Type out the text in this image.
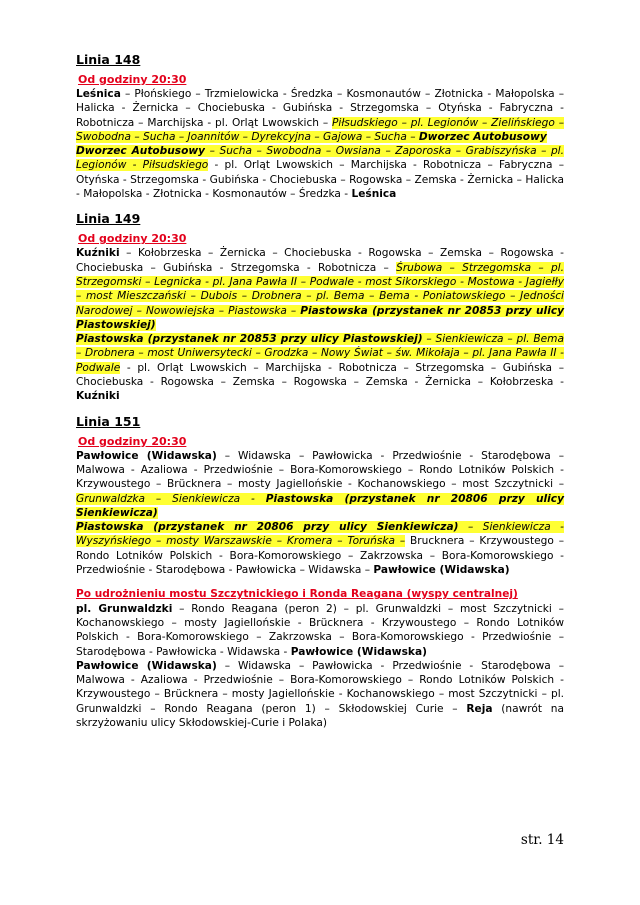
Linia 148
Od godziny 20:30
Leśnica – Płońskiego – Trzmielowicka - Średzka – Kosmonautów – Złotnicka - Małopolska – Halicka - Żernicka – Chociebuska - Gubińska - Strzegomska – Otyńska - Fabryczna - Robotnicza – Marchijska - pl. Orląt Lwowskich – Piłsudskiego – pl. Legionów – Zielińskiego – Swobodna – Sucha – Joannitów – Dyrekcyjna – Gajowa – Sucha – Dworzec Autobusowy
Dworzec Autobusowy – Sucha – Swobodna – Owsiana – Zaporoska – Grabiszyńska – pl. Legionów - Piłsudskiego - pl. Orląt Lwowskich – Marchijska - Robotnicza – Fabryczna – Otyńska - Strzegomska - Gubińska - Chociebuska – Rogowska – Zemska - Żernicka – Halicka - Małopolska - Złotnicka - Kosmonautów – Średzka - Leśnica
Linia 149
Od godziny 20:30
Kuźniki – Kołobrzeska – Żernicka – Chociebuska - Rogowska – Zemska – Rogowska - Chociebuska – Gubińska - Strzegomska - Robotnicza – Śrubowa – Strzegomska – pl. Strzegomski – Legnicka - pl. Jana Pawła II – Podwale - most Sikorskiego - Mostowa - Jagiełły – most Mieszczański – Dubois – Drobnera – pl. Bema – Bema - Poniatowskiego – Jedności Narodowej – Nowowiejska – Piastowska – Piastowska (przystanek nr 20853 przy ulicy Piastowskiej)
Piastowska (przystanek nr 20853 przy ulicy Piastowskiej) – Sienkiewicza – pl. Bema – Drobnera – most Uniwersytecki – Grodzka – Nowy Świat – św. Mikołaja – pl. Jana Pawła II - Podwale - pl. Orląt Lwowskich – Marchijska - Robotnicza – Strzegomska – Gubińska – Chociebuska - Rogowska – Zemska – Rogowska – Zemska - Żernicka – Kołobrzeska - Kuźniki
Linia 151
Od godziny 20:30
Pawłowice (Widawska) – Widawska – Pawłowicka - Przedwiośnie - Starodębowa – Malwowa - Azaliowa - Przedwiośnie – Bora-Komorowskiego – Rondo Lotników Polskich - Krzywoustego – Brücknera – mosty Jagiellońskie - Kochanowskiego – most Szczytnicki – Grunwaldzka – Sienkiewicza - Piastowska (przystanek nr 20806 przy ulicy Sienkiewicza)
Piastowska (przystanek nr 20806 przy ulicy Sienkiewicza) – Sienkiewicza - Wyszyńskiego – mosty Warszawskie – Kromera – Toruńska – Brucknera – Krzywoustego – Rondo Lotników Polskich - Bora-Komorowskiego – Zakrzowska – Bora-Komorowskiego - Przedwiośnie - Starodębowa - Pawłowicka – Widawska – Pawłowice (Widawska)
Po udrożnieniu mostu Szczytnickiego i Ronda Reagana (wyspy centralnej)
pl. Grunwaldzki – Rondo Reagana (peron 2) – pl. Grunwaldzki – most Szczytnicki – Kochanowskiego – mosty Jagiellońskie - Brücknera - Krzywoustego – Rondo Lotników Polskich - Bora-Komorowskiego – Zakrzowska – Bora-Komorowskiego - Przedwiośnie – Starodębowa - Pawłowicka - Widawska - Pawłowice (Widawska)
Pawłowice (Widawska) – Widawska – Pawłowicka - Przedwiośnie - Starodębowa – Malwowa - Azaliowa - Przedwiośnie – Bora-Komorowskiego – Rondo Lotników Polskich - Krzywoustego – Brücknera – mosty Jagiellońskie - Kochanowskiego – most Szczytnicki – pl. Grunwaldzki – Rondo Reagana (peron 1) – Skłodowskiej Curie – Reja (nawrót na skrzyżowaniu ulicy Skłodowskiej-Curie i Polaka)
str. 14
